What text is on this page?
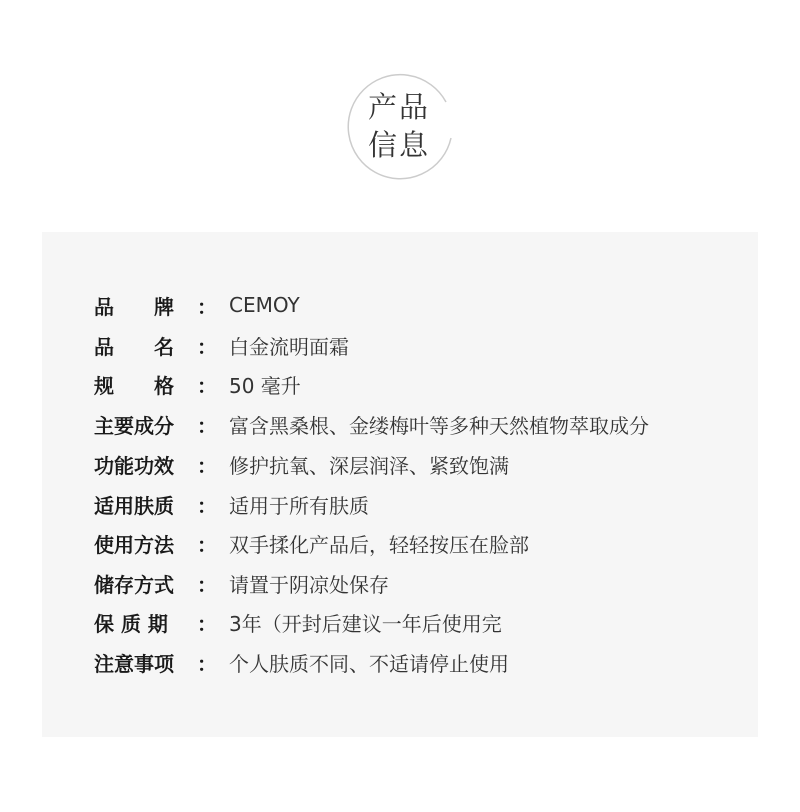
产品
信息
品　　牌 ： CEMOY
品　　名 ： 白金流明面霜
规　　格 ： 50 毫升
主要成分 ： 富含黑桑根、金缕梅叶等多种天然植物萃取成分
功能功效 ： 修护抗氧、深层润泽、紧致饱满
适用肤质 ： 适用于所有肤质
使用方法 ： 双手揉化产品后，轻轻按压在脸部
储存方式 ： 请置于阴凉处保存
保 质 期 ： 3年（开封后建议一年后使用完
注意事项 ： 个人肤质不同、不适请停止使用
